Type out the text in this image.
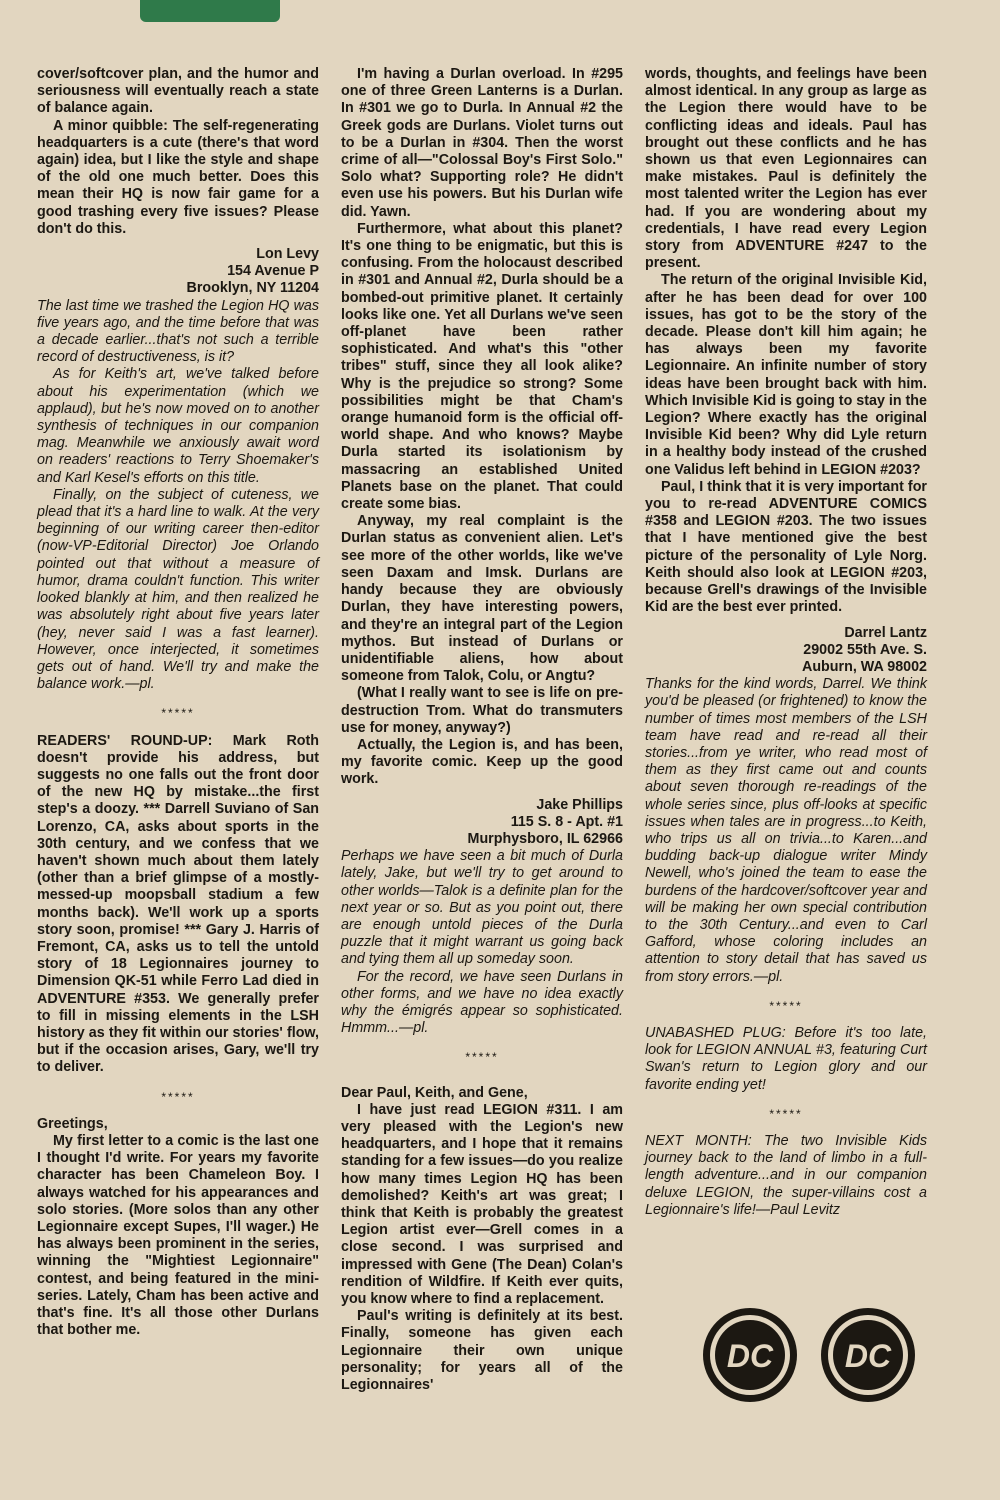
cover/softcover plan, and the humor and seriousness will eventually reach a state of balance again.

A minor quibble: The self-regenerating headquarters is a cute (there's that word again) idea, but I like the style and shape of the old one much better. Does this mean their HQ is now fair game for a good trashing every five issues? Please don't do this.

Lon Levy

154 Avenue P

Brooklyn, NY 11204

The last time we trashed the Legion HQ was five years ago, and the time before that was a decade earlier...that's not such a terrible record of destructiveness, is it?

As for Keith's art, we've talked before about his experimentation (which we applaud), but he's now moved on to another synthesis of techniques in our companion mag. Meanwhile we anxiously await word on readers' reactions to Terry Shoemaker's and Karl Kesel's efforts on this title.

Finally, on the subject of cuteness, we plead that it's a hard line to walk. At the very beginning of our writing career then-editor (now-VP-Editorial Director) Joe Orlando pointed out that without a measure of humor, drama couldn't function. This writer looked blankly at him, and then realized he was absolutely right about five years later (hey, never said I was a fast learner). However, once interjected, it sometimes gets out of hand. We'll try and make the balance work.—pl.

*****

READERS' ROUND-UP: Mark Roth doesn't provide his address, but suggests no one falls out the front door of the new HQ by mistake...the first step's a doozy. *** Darrell Suviano of San Lorenzo, CA, asks about sports in the 30th century, and we confess that we haven't shown much about them lately (other than a brief glimpse of a mostly-messed-up moopsball stadium a few months back). We'll work up a sports story soon, promise! *** Gary J. Harris of Fremont, CA, asks us to tell the untold story of 18 Legionnaires journey to Dimension QK-51 while Ferro Lad died in ADVENTURE #353. We generally prefer to fill in missing elements in the LSH history as they fit within our stories' flow, but if the occasion arises, Gary, we'll try to deliver.

*****

Greetings,

My first letter to a comic is the last one I thought I'd write. For years my favorite character has been Chameleon Boy. I always watched for his appearances and solo stories. (More solos than any other Legionnaire except Supes, I'll wager.) He has always been prominent in the series, winning the "Mightiest Legionnaire" contest, and being featured in the mini-series. Lately, Cham has been active and that's fine. It's all those other Durlans that bother me.

I'm having a Durlan overload. In #295 one of three Green Lanterns is a Durlan. In #301 we go to Durla. In Annual #2 the Greek gods are Durlans. Violet turns out to be a Durlan in #304. Then the worst crime of all—"Colossal Boy's First Solo." Solo what? Supporting role? He didn't even use his powers. But his Durlan wife did. Yawn.

Furthermore, what about this planet? It's one thing to be enigmatic, but this is confusing. From the holocaust described in #301 and Annual #2, Durla should be a bombed-out primitive planet. It certainly looks like one. Yet all Durlans we've seen off-planet have been rather sophisticated. And what's this "other tribes" stuff, since they all look alike? Why is the prejudice so strong? Some possibilities might be that Cham's orange humanoid form is the official off-world shape. And who knows? Maybe Durla started its isolationism by massacring an established United Planets base on the planet. That could create some bias.

Anyway, my real complaint is the Durlan status as convenient alien. Let's see more of the other worlds, like we've seen Daxam and Imsk. Durlans are handy because they are obviously Durlan, they have interesting powers, and they're an integral part of the Legion mythos. But instead of Durlans or unidentifiable aliens, how about someone from Talok, Colu, or Angtu?

(What I really want to see is life on pre-destruction Trom. What do transmuters use for money, anyway?)

Actually, the Legion is, and has been, my favorite comic. Keep up the good work.

Jake Phillips

115 S. 8 - Apt. #1

Murphysboro, IL 62966

Perhaps we have seen a bit much of Durla lately, Jake, but we'll try to get around to other worlds—Talok is a definite plan for the next year or so. But as you point out, there are enough untold pieces of the Durla puzzle that it might warrant us going back and tying them all up someday soon.

For the record, we have seen Durlans in other forms, and we have no idea exactly why the émigrés appear so sophisticated. Hmmm...—pl.

*****

Dear Paul, Keith, and Gene,

I have just read LEGION #311. I am very pleased with the Legion's new headquarters, and I hope that it remains standing for a few issues—do you realize how many times Legion HQ has been demolished? Keith's art was great; I think that Keith is probably the greatest Legion artist ever—Grell comes in a close second. I was surprised and impressed with Gene (The Dean) Colan's rendition of Wildfire. If Keith ever quits, you know where to find a replacement.

Paul's writing is definitely at its best. Finally, someone has given each Legionnaire their own unique personality; for years all of the Legionnaires'

words, thoughts, and feelings have been almost identical. In any group as large as the Legion there would have to be conflicting ideas and ideals. Paul has brought out these conflicts and he has shown us that even Legionnaires can make mistakes. Paul is definitely the most talented writer the Legion has ever had. If you are wondering about my credentials, I have read every Legion story from ADVENTURE #247 to the present.

The return of the original Invisible Kid, after he has been dead for over 100 issues, has got to be the story of the decade. Please don't kill him again; he has always been my favorite Legionnaire. An infinite number of story ideas have been brought back with him. Which Invisible Kid is going to stay in the Legion? Where exactly has the original Invisible Kid been? Why did Lyle return in a healthy body instead of the crushed one Validus left behind in LEGION #203?

Paul, I think that it is very important for you to re-read ADVENTURE COMICS #358 and LEGION #203. The two issues that I have mentioned give the best picture of the personality of Lyle Norg. Keith should also look at LEGION #203, because Grell's drawings of the Invisible Kid are the best ever printed.

Darrel Lantz

29002 55th Ave. S.

Auburn, WA 98002

Thanks for the kind words, Darrel. We think you'd be pleased (or frightened) to know the number of times most members of the LSH team have read and re-read all their stories...from ye writer, who read most of them as they first came out and counts about seven thorough re-readings of the whole series since, plus off-looks at specific issues when tales are in progress...to Keith, who trips us all on trivia...to Karen...and budding back-up dialogue writer Mindy Newell, who's joined the team to ease the burdens of the hardcover/softcover year and will be making her own special contribution to the 30th Century...and even to Carl Gafford, whose coloring includes an attention to story detail that has saved us from story errors.—pl.

*****

UNABASHED PLUG: Before it's too late, look for LEGION ANNUAL #3, featuring Curt Swan's return to Legion glory and our favorite ending yet!

*****

NEXT MONTH: The two Invisible Kids journey back to the land of limbo in a full-length adventure...and in our companion deluxe LEGION, the super-villains cost a Legionnaire's life!—Paul Levitz

DC DC
